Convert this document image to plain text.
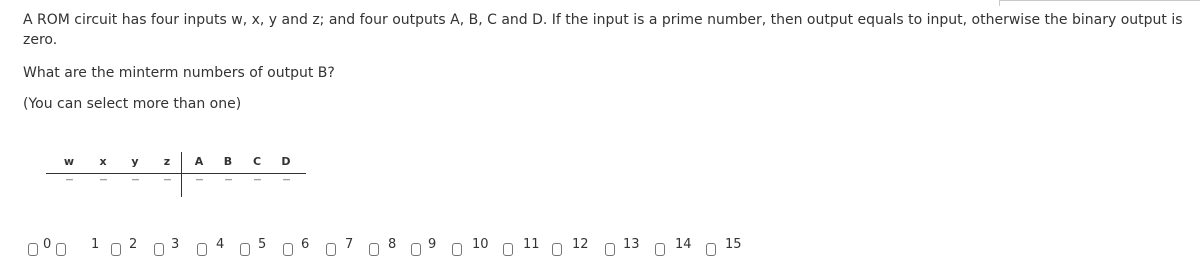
A ROM circuit has four inputs w, x, y and z; and four outputs A, B, C and D. If the input is a prime number, then output equals to input, otherwise the binary output is zero.
What are the minterm numbers of output B?
(You can select more than one)
w x y z A B C D
---	---	---	---	--- --- --- ---
0	1 2	3	4	5	6	7	8 9	10	11 12	13	14	15
